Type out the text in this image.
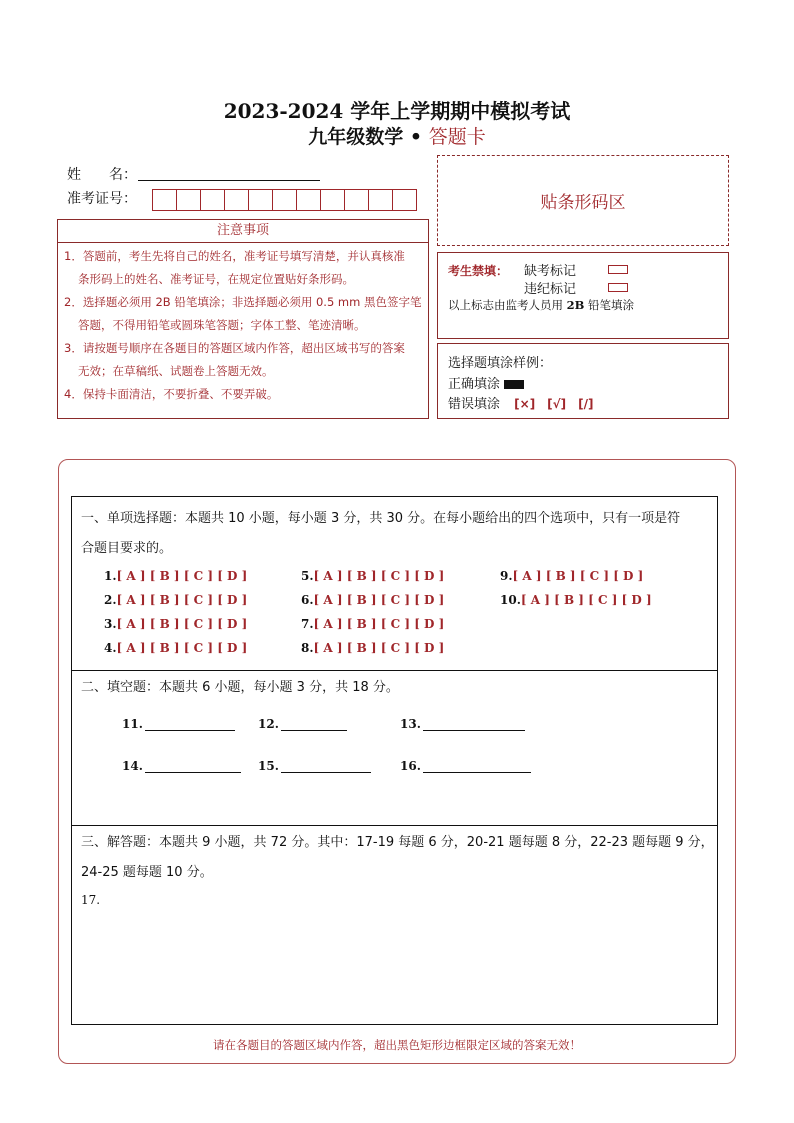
2023-2024 学年上学期期中模拟考试
九年级数学 • 答题卡
姓　　名：
准考证号：
注意事项

1．答题前，考生先将自己的姓名，准考证号填写清楚，并认真核准

条形码上的姓名、准考证号，在规定位置贴好条形码。

2．选择题必须用 2B 铅笔填涂；非选择题必须用 0.5 mm 黑色签字笔

答题，不得用铅笔或圆珠笔答题；字体工整、笔迹清晰。

3．请按题号顺序在各题目的答题区域内作答，超出区域书写的答案

无效；在草稿纸、试题卷上答题无效。

4．保持卡面清洁，不要折叠、不要弄破。

贴条形码区
考生禁填： 缺考标记
违纪标记
以上标志由监考人员用 2B 铅笔填涂
选择题填涂样例：
正确填涂
错误填涂 [×]　[√]　[/]
一、单项选择题：本题共 10 小题，每小题 3 分，共 30 分。在每小题给出的四个选项中，只有一项是符
合题目要求的。
1.[ A ] [ B ] [ C ] [ D ]
2.[ A ] [ B ] [ C ] [ D ]
3.[ A ] [ B ] [ C ] [ D ]
4.[ A ] [ B ] [ C ] [ D ]
5.[ A ] [ B ] [ C ] [ D ]
6.[ A ] [ B ] [ C ] [ D ]
7.[ A ] [ B ] [ C ] [ D ]
8.[ A ] [ B ] [ C ] [ D ]
9.[ A ] [ B ] [ C ] [ D ]
10.[ A ] [ B ] [ C ] [ D ]
二、填空题：本题共 6 小题，每小题 3 分，共 18 分。
11.	12.	13.
14.	15.	16.
三、解答题：本题共 9 小题，共 72 分。其中：17-19 每题 6 分，20-21 题每题 8 分，22-23 题每题 9 分，
24-25 题每题 10 分。
17.
请在各题目的答题区域内作答，超出黑色矩形边框限定区域的答案无效！
